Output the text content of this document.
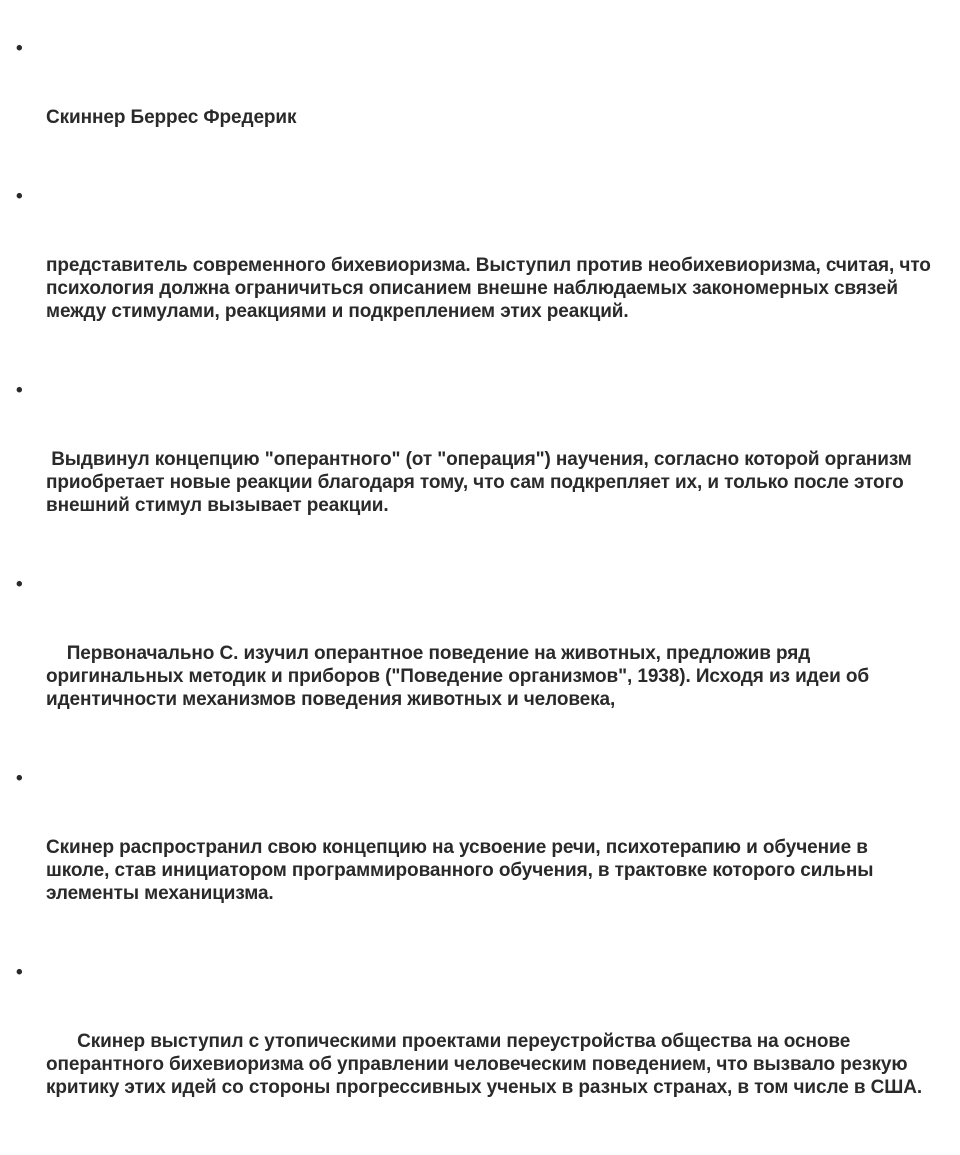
•

Скиннер Беррес Фредерик

•

представитель современного бихевиоризма. Выступил против необихевиоризма, считая, что психология должна ограничиться описанием внешне наблюдаемых закономерных связей между стимулами, реакциями и подкреплением этих реакций.

•

Выдвинул концепцию "оперантного" (от "операция") научения, согласно которой организм приобретает новые реакции благодаря тому, что сам подкрепляет их, и только после этого внешний стимул вызывает реакции.

•

Первоначально С. изучил оперантное поведение на животных, предложив ряд оригинальных методик и приборов ("Поведение организмов", 1938). Исходя из идеи об идентичности механизмов поведения животных и человека,

•

Скинер распространил свою концепцию на усвоение речи, психотерапию и обучение в школе, став инициатором программированного обучения, в трактовке которого сильны элементы механицизма.

•

Скинер выступил с утопическими проектами переустройства общества на основе оперантного бихевиоризма об управлении человеческим поведением, что вызвало резкую критику этих идей со стороны прогрессивных ученых в разных странах, в том числе в США.
